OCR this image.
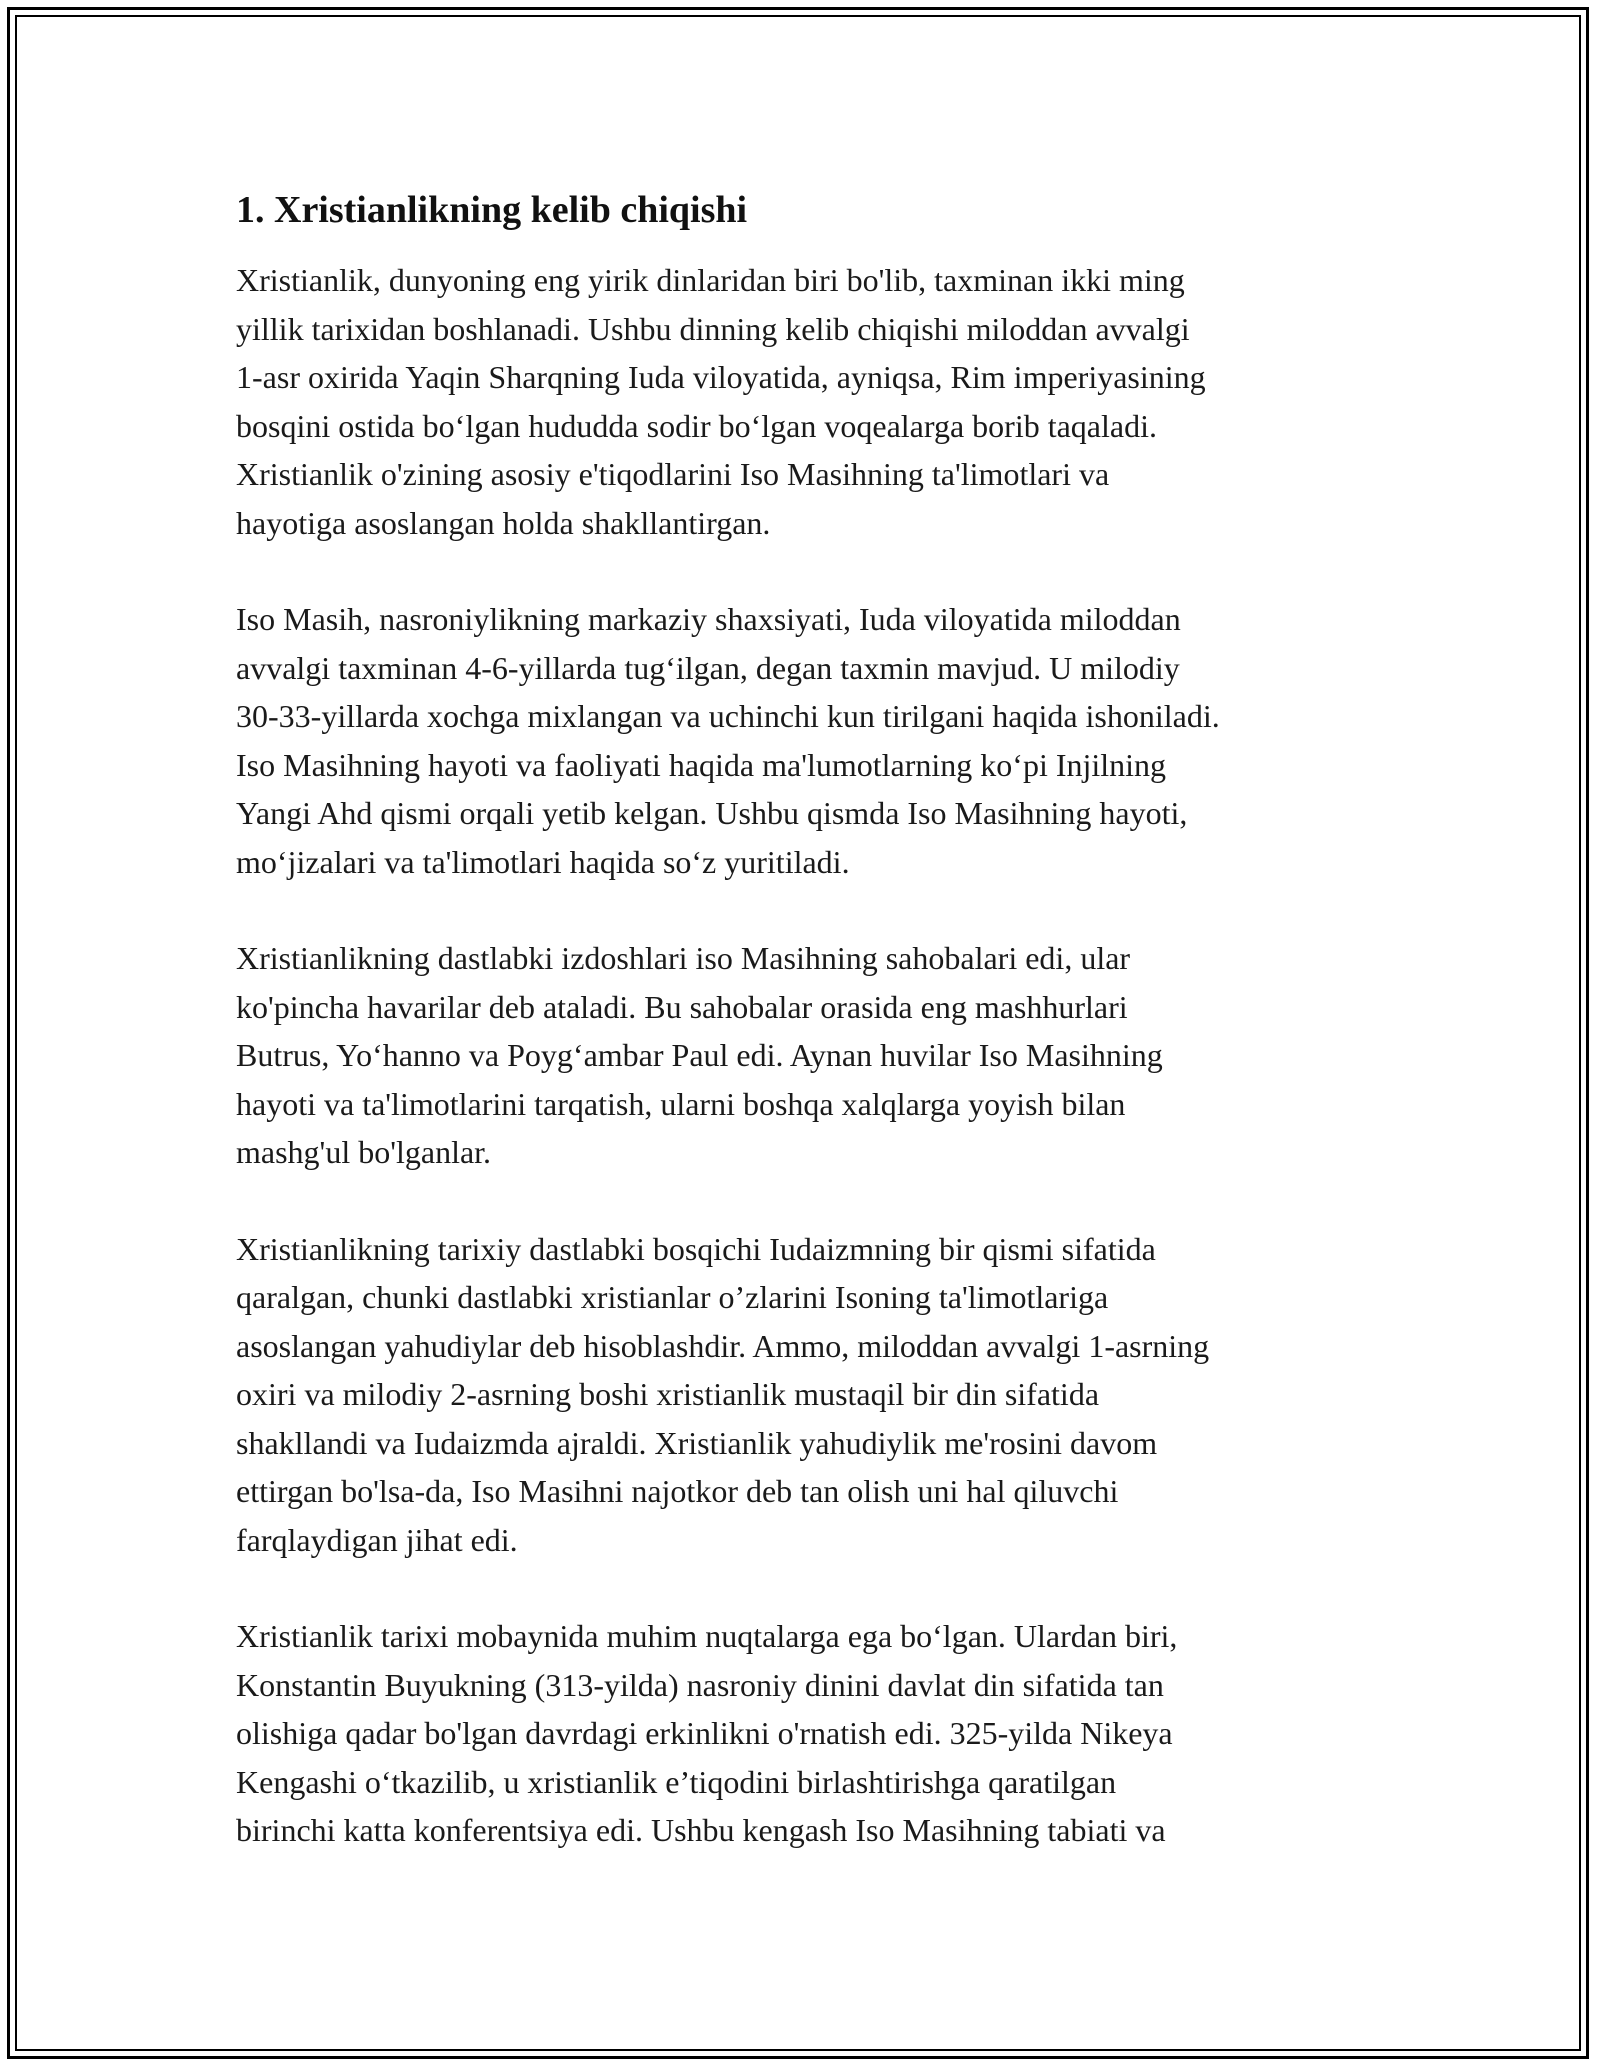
1. Xristianlikning kelib chiqishi

Xristianlik, dunyoning eng yirik dinlaridan biri bo'lib, taxminan ikki ming
yillik tarixidan boshlanadi. Ushbu dinning kelib chiqishi miloddan avvalgi
1-asr oxirida Yaqin Sharqning Iuda viloyatida, ayniqsa, Rim imperiyasining
bosqini ostida bo‘lgan hududda sodir bo‘lgan voqealarga borib taqaladi.
Xristianlik o'zining asosiy e'tiqodlarini Iso Masihning ta'limotlari va
hayotiga asoslangan holda shakllantirgan.

Iso Masih, nasroniylikning markaziy shaxsiyati, Iuda viloyatida miloddan
avvalgi taxminan 4-6-yillarda tug‘ilgan, degan taxmin mavjud. U milodiy
30-33-yillarda xochga mixlangan va uchinchi kun tirilgani haqida ishoniladi.
Iso Masihning hayoti va faoliyati haqida ma'lumotlarning ko‘pi Injilning
Yangi Ahd qismi orqali yetib kelgan. Ushbu qismda Iso Masihning hayoti,
mo‘jizalari va ta'limotlari haqida so‘z yuritiladi.

Xristianlikning dastlabki izdoshlari iso Masihning sahobalari edi, ular
ko'pincha havarilar deb ataladi. Bu sahobalar orasida eng mashhurlari
Butrus, Yo‘hanno va Poyg‘ambar Paul edi. Aynan huvilar Iso Masihning
hayoti va ta'limotlarini tarqatish, ularni boshqa xalqlarga yoyish bilan
mashg'ul bo'lganlar.

Xristianlikning tarixiy dastlabki bosqichi Iudaizmning bir qismi sifatida
qaralgan, chunki dastlabki xristianlar o’zlarini Isoning ta'limotlariga
asoslangan yahudiylar deb hisoblashdir. Ammo, miloddan avvalgi 1-asrning
oxiri va milodiy 2-asrning boshi xristianlik mustaqil bir din sifatida
shakllandi va Iudaizmda ajraldi. Xristianlik yahudiylik me'rosini davom
ettirgan bo'lsa-da, Iso Masihni najotkor deb tan olish uni hal qiluvchi
farqlaydigan jihat edi.

Xristianlik tarixi mobaynida muhim nuqtalarga ega bo‘lgan. Ulardan biri,
Konstantin Buyukning (313-yilda) nasroniy dinini davlat din sifatida tan
olishiga qadar bo'lgan davrdagi erkinlikni o'rnatish edi. 325-yilda Nikeya
Kengashi o‘tkazilib, u xristianlik e’tiqodini birlashtirishga qaratilgan
birinchi katta konferentsiya edi. Ushbu kengash Iso Masihning tabiati va
